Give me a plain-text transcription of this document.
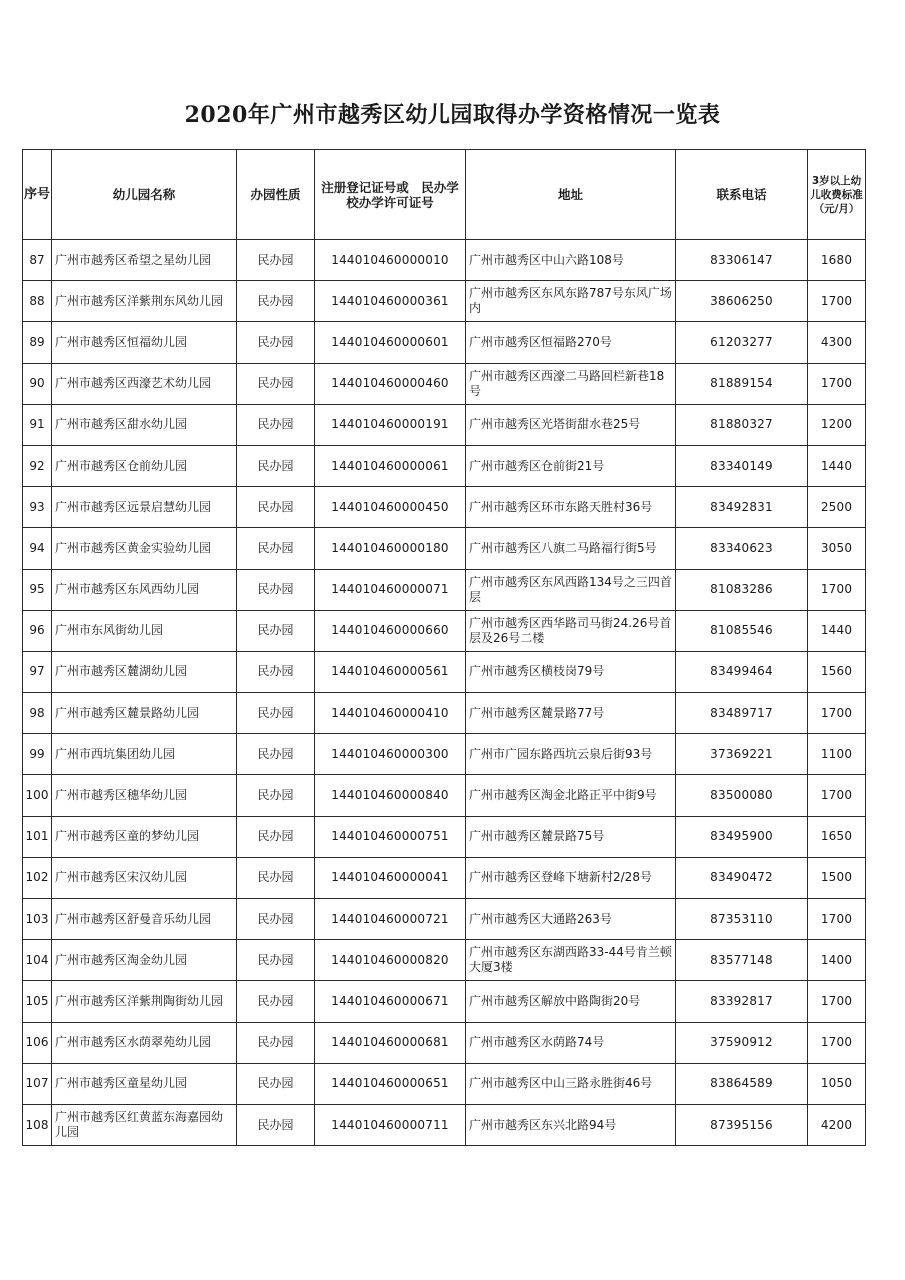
2020年广州市越秀区幼儿园取得办学资格情况一览表
序号	幼儿园名称	办园性质	注册登记证号或　民办学校办学许可证号	地址	联系电话	3岁以上幼儿收费标准（元/月）
87	广州市越秀区希望之星幼儿园	民办园	144010460000010	广州市越秀区中山六路108号	83306147	1680
88	广州市越秀区洋紫荆东风幼儿园	民办园	144010460000361	广州市越秀区东风东路787号东风广场内	38606250	1700
89	广州市越秀区恒福幼儿园	民办园	144010460000601	广州市越秀区恒福路270号	61203277	4300
90	广州市越秀区西濠艺术幼儿园	民办园	144010460000460	广州市越秀区西濠二马路回栏新巷18号	81889154	1700
91	广州市越秀区甜水幼儿园	民办园	144010460000191	广州市越秀区光塔街甜水巷25号	81880327	1200
92	广州市越秀区仓前幼儿园	民办园	144010460000061	广州市越秀区仓前街21号	83340149	1440
93	广州市越秀区远景启慧幼儿园	民办园	144010460000450	广州市越秀区环市东路天胜村36号	83492831	2500
94	广州市越秀区黄金实验幼儿园	民办园	144010460000180	广州市越秀区八旗二马路福行街5号	83340623	3050
95	广州市越秀区东风西幼儿园	民办园	144010460000071	广州市越秀区东风西路134号之三四首层	81083286	1700
96	广州市东风街幼儿园	民办园	144010460000660	广州市越秀区西华路司马街24.26号首层及26号二楼	81085546	1440
97	广州市越秀区麓湖幼儿园	民办园	144010460000561	广州市越秀区横枝岗79号	83499464	1560
98	广州市越秀区麓景路幼儿园	民办园	144010460000410	广州市越秀区麓景路77号	83489717	1700
99	广州市西坑集团幼儿园	民办园	144010460000300	广州市广园东路西坑云泉后街93号	37369221	1100
100	广州市越秀区穗华幼儿园	民办园	144010460000840	广州市越秀区淘金北路正平中街9号	83500080	1700
101	广州市越秀区童的梦幼儿园	民办园	144010460000751	广州市越秀区麓景路75号	83495900	1650
102	广州市越秀区宋汉幼儿园	民办园	144010460000041	广州市越秀区登峰下塘新村2/28号	83490472	1500
103	广州市越秀区舒曼音乐幼儿园	民办园	144010460000721	广州市越秀区大通路263号	87353110	1700
104	广州市越秀区淘金幼儿园	民办园	144010460000820	广州市越秀区东湖西路33-44号肯兰顿大厦3楼	83577148	1400
105	广州市越秀区洋紫荆陶街幼儿园	民办园	144010460000671	广州市越秀区解放中路陶街20号	83392817	1700
106	广州市越秀区水荫翠苑幼儿园	民办园	144010460000681	广州市越秀区水荫路74号	37590912	1700
107	广州市越秀区童星幼儿园	民办园	144010460000651	广州市越秀区中山三路永胜街46号	83864589	1050
108	广州市越秀区红黄蓝东海嘉园幼儿园	民办园	144010460000711	广州市越秀区东兴北路94号	87395156	4200
